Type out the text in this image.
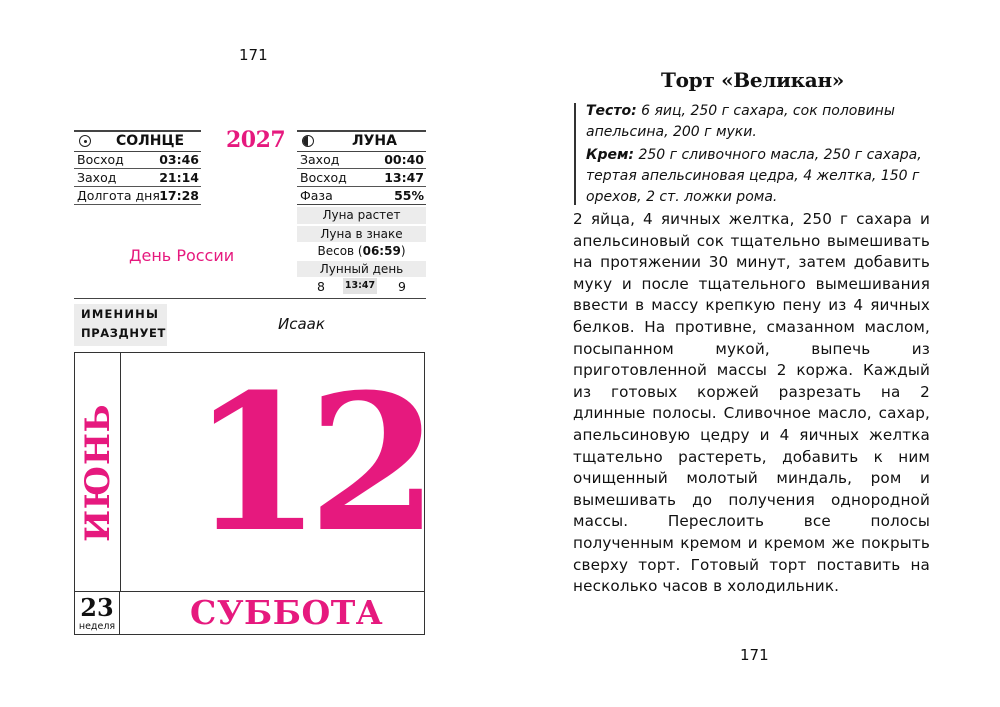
171
СОЛНЦЕ
Восход	03:46
Заход	21:14
Долгота дня 17:28
2027	ЛУНА
Заход	00:40
Восход	13:47
Фаза	55%
Луна растет
Луна в знаке
Весов (06:59)
Лунный день
8 13:47 9
День России
ИМЕНИНЫ
ПРАЗДНУЕТ	Исаак
ИЮНЬ 12
23
неделя СУББОТА
Торт «Великан»
Тесто: 6 яиц, 250 г сахара, сок половины апельсина, 200 г муки.
Крем: 250 г сливочного масла, 250 г сахара, тертая апельсиновая цедра, 4 желтка, 150 г орехов, 2 ст. ложки рома.
2 яйца, 4 яичных желтка, 250 г сахара и апельсиновый сок тщательно вымешивать на протяжении 30 минут, затем добавить муку и после тщательного вымешивания ввести в массу крепкую пену из 4 яичных белков. На противне, смазанном маслом, посыпанном мукой, выпечь из приготовленной массы 2 коржа. Каждый из готовых коржей разрезать на 2 длинные полосы. Сливочное масло, сахар, апельсиновую цедру и 4 яичных желтка тщательно растереть, добавить к ним очищенный молотый миндаль, ром и вымешивать до получения однородной массы. Переслоить все полосы полученным кремом и кремом же покрыть сверху торт. Готовый торт поставить на несколько часов в холодильник.
171
